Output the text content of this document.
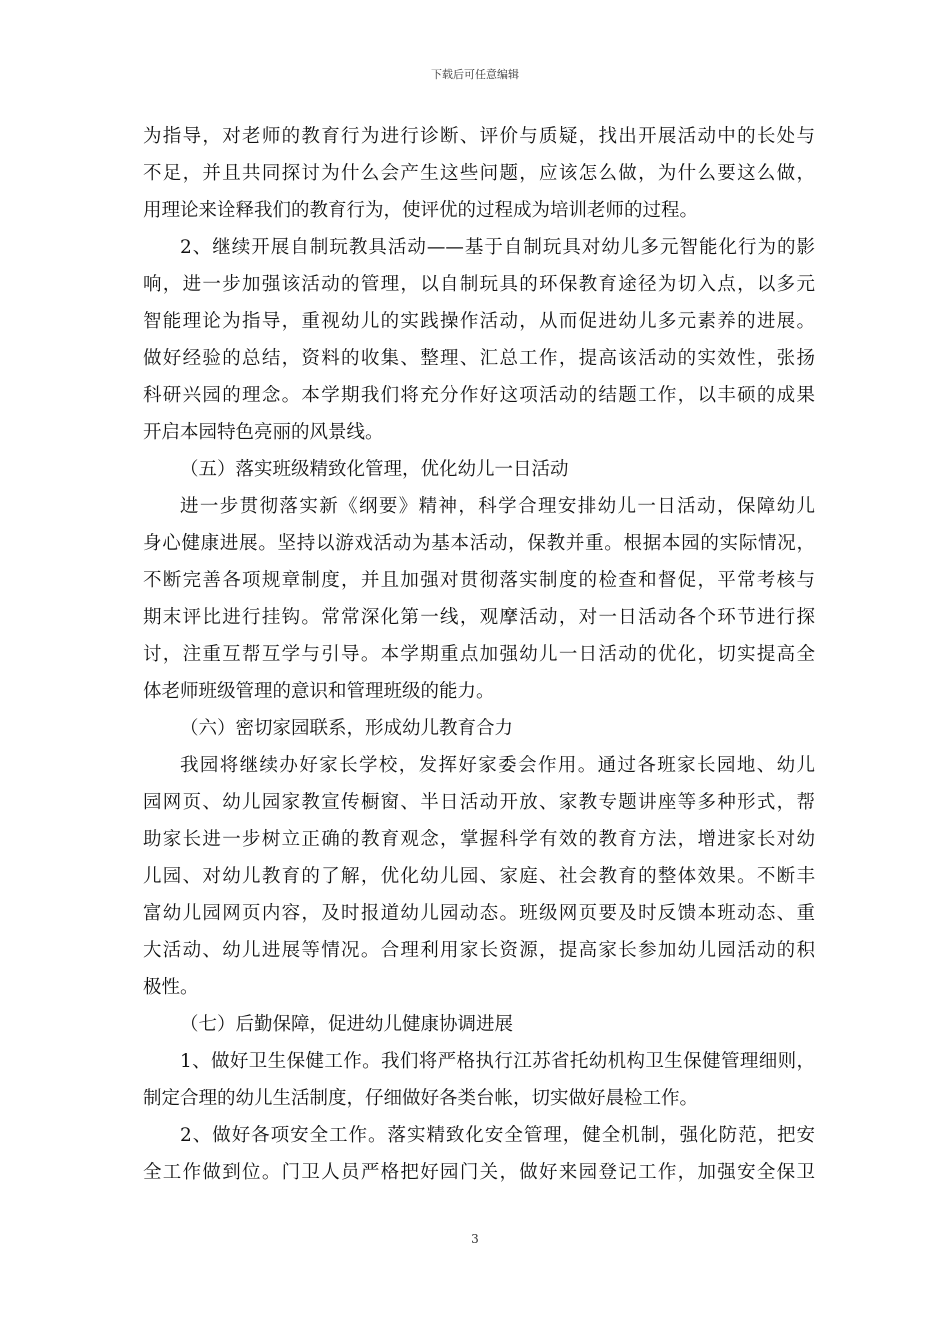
下载后可任意编辑
为指导，对老师的教育行为进行诊断、评价与质疑，找出开展活动中的长处与
不足，并且共同探讨为什么会产生这些问题，应该怎么做，为什么要这么做，
用理论来诠释我们的教育行为，使评优的过程成为培训老师的过程。
2、继续开展自制玩教具活动——基于自制玩具对幼儿多元智能化行为的影
响，进一步加强该活动的管理，以自制玩具的环保教育途径为切入点，以多元
智能理论为指导，重视幼儿的实践操作活动，从而促进幼儿多元素养的进展。
做好经验的总结，资料的收集、整理、汇总工作，提高该活动的实效性，张扬
科研兴园的理念。本学期我们将充分作好这项活动的结题工作，以丰硕的成果
开启本园特色亮丽的风景线。
（五）落实班级精致化管理，优化幼儿一日活动
进一步贯彻落实新《纲要》精神，科学合理安排幼儿一日活动，保障幼儿
身心健康进展。坚持以游戏活动为基本活动，保教并重。根据本园的实际情况，
不断完善各项规章制度，并且加强对贯彻落实制度的检查和督促，平常考核与
期末评比进行挂钩。常常深化第一线，观摩活动，对一日活动各个环节进行探
讨，注重互帮互学与引导。本学期重点加强幼儿一日活动的优化，切实提高全
体老师班级管理的意识和管理班级的能力。
（六）密切家园联系，形成幼儿教育合力
我园将继续办好家长学校，发挥好家委会作用。通过各班家长园地、幼儿
园网页、幼儿园家教宣传橱窗、半日活动开放、家教专题讲座等多种形式，帮
助家长进一步树立正确的教育观念，掌握科学有效的教育方法，增进家长对幼
儿园、对幼儿教育的了解，优化幼儿园、家庭、社会教育的整体效果。不断丰
富幼儿园网页内容，及时报道幼儿园动态。班级网页要及时反馈本班动态、重
大活动、幼儿进展等情况。合理利用家长资源，提高家长参加幼儿园活动的积
极性。
（七）后勤保障，促进幼儿健康协调进展
1、做好卫生保健工作。我们将严格执行江苏省托幼机构卫生保健管理细则，
制定合理的幼儿生活制度，仔细做好各类台帐，切实做好晨检工作。
2、做好各项安全工作。落实精致化安全管理，健全机制，强化防范，把安
全工作做到位。门卫人员严格把好园门关，做好来园登记工作，加强安全保卫
3
